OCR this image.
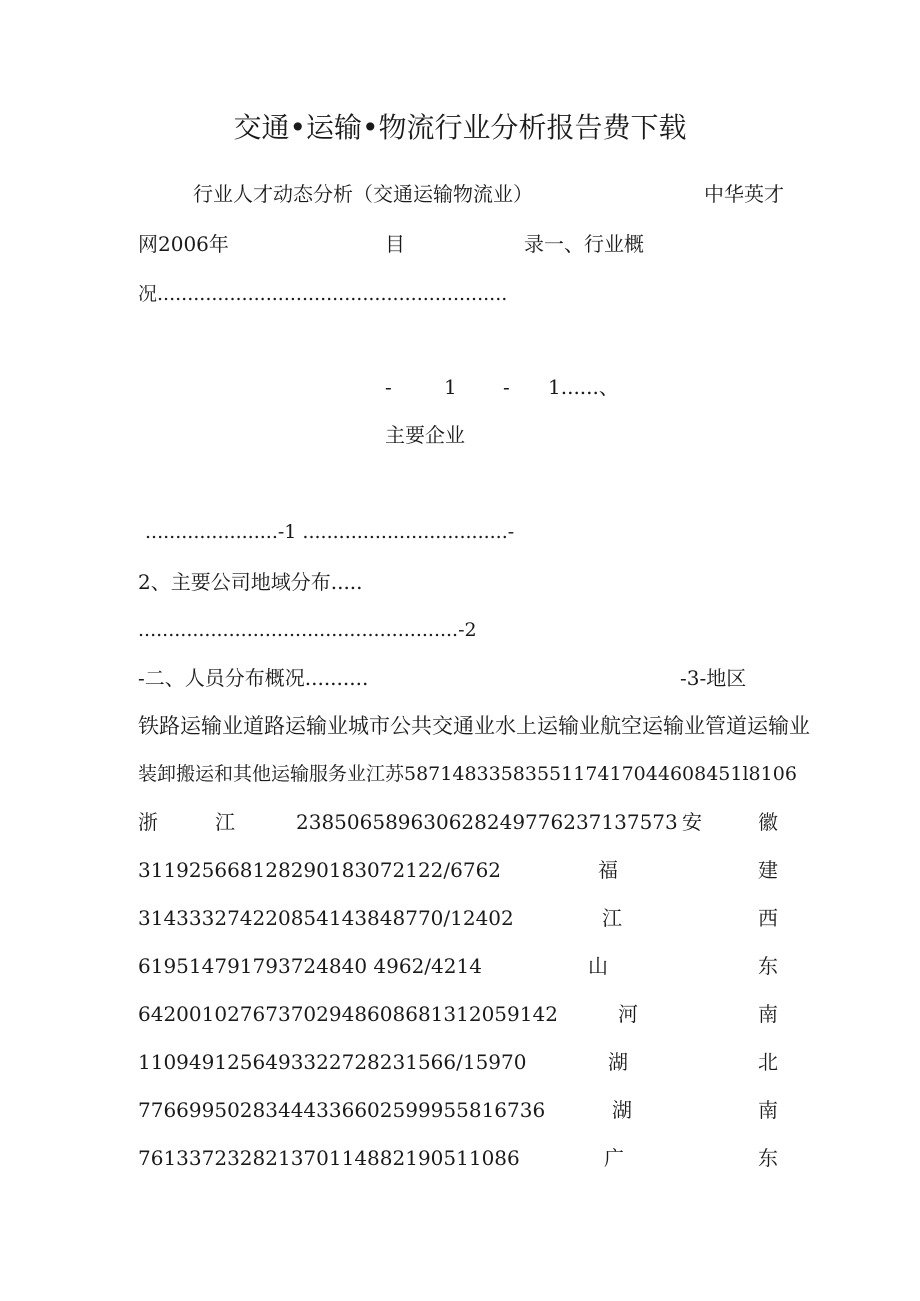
交通•运输•物流行业分析报告费下载
行业人才动态分析（交通运输物流业）	中华英才
网2006年	目	录一、行业概
况..........................................................
-	1 - 1......、
主要企业
......................-1 ..................................-
2、主要公司地域分布.....
.....................................................-2
-二、人员分布概况..........	-3-地区
铁路运输业道路运输业城市公共交通业水上运输业航空运输业管道运输业
装卸搬运和其他运输服务业江苏5871483358355117417044608451l8106
浙	江	2385065896306282497762371375​73 安	徽
311925668128290183072122/6762	福	建
314333274220854143848770/12402	江	西
619514791793724840 4962/4214	山	东
642001027673702948608681312059142	河	南
110949125649332272823156​6/15970	湖	北
776699502834443366025999558167​36	湖	南
761337232821370114882190511086	广	东
